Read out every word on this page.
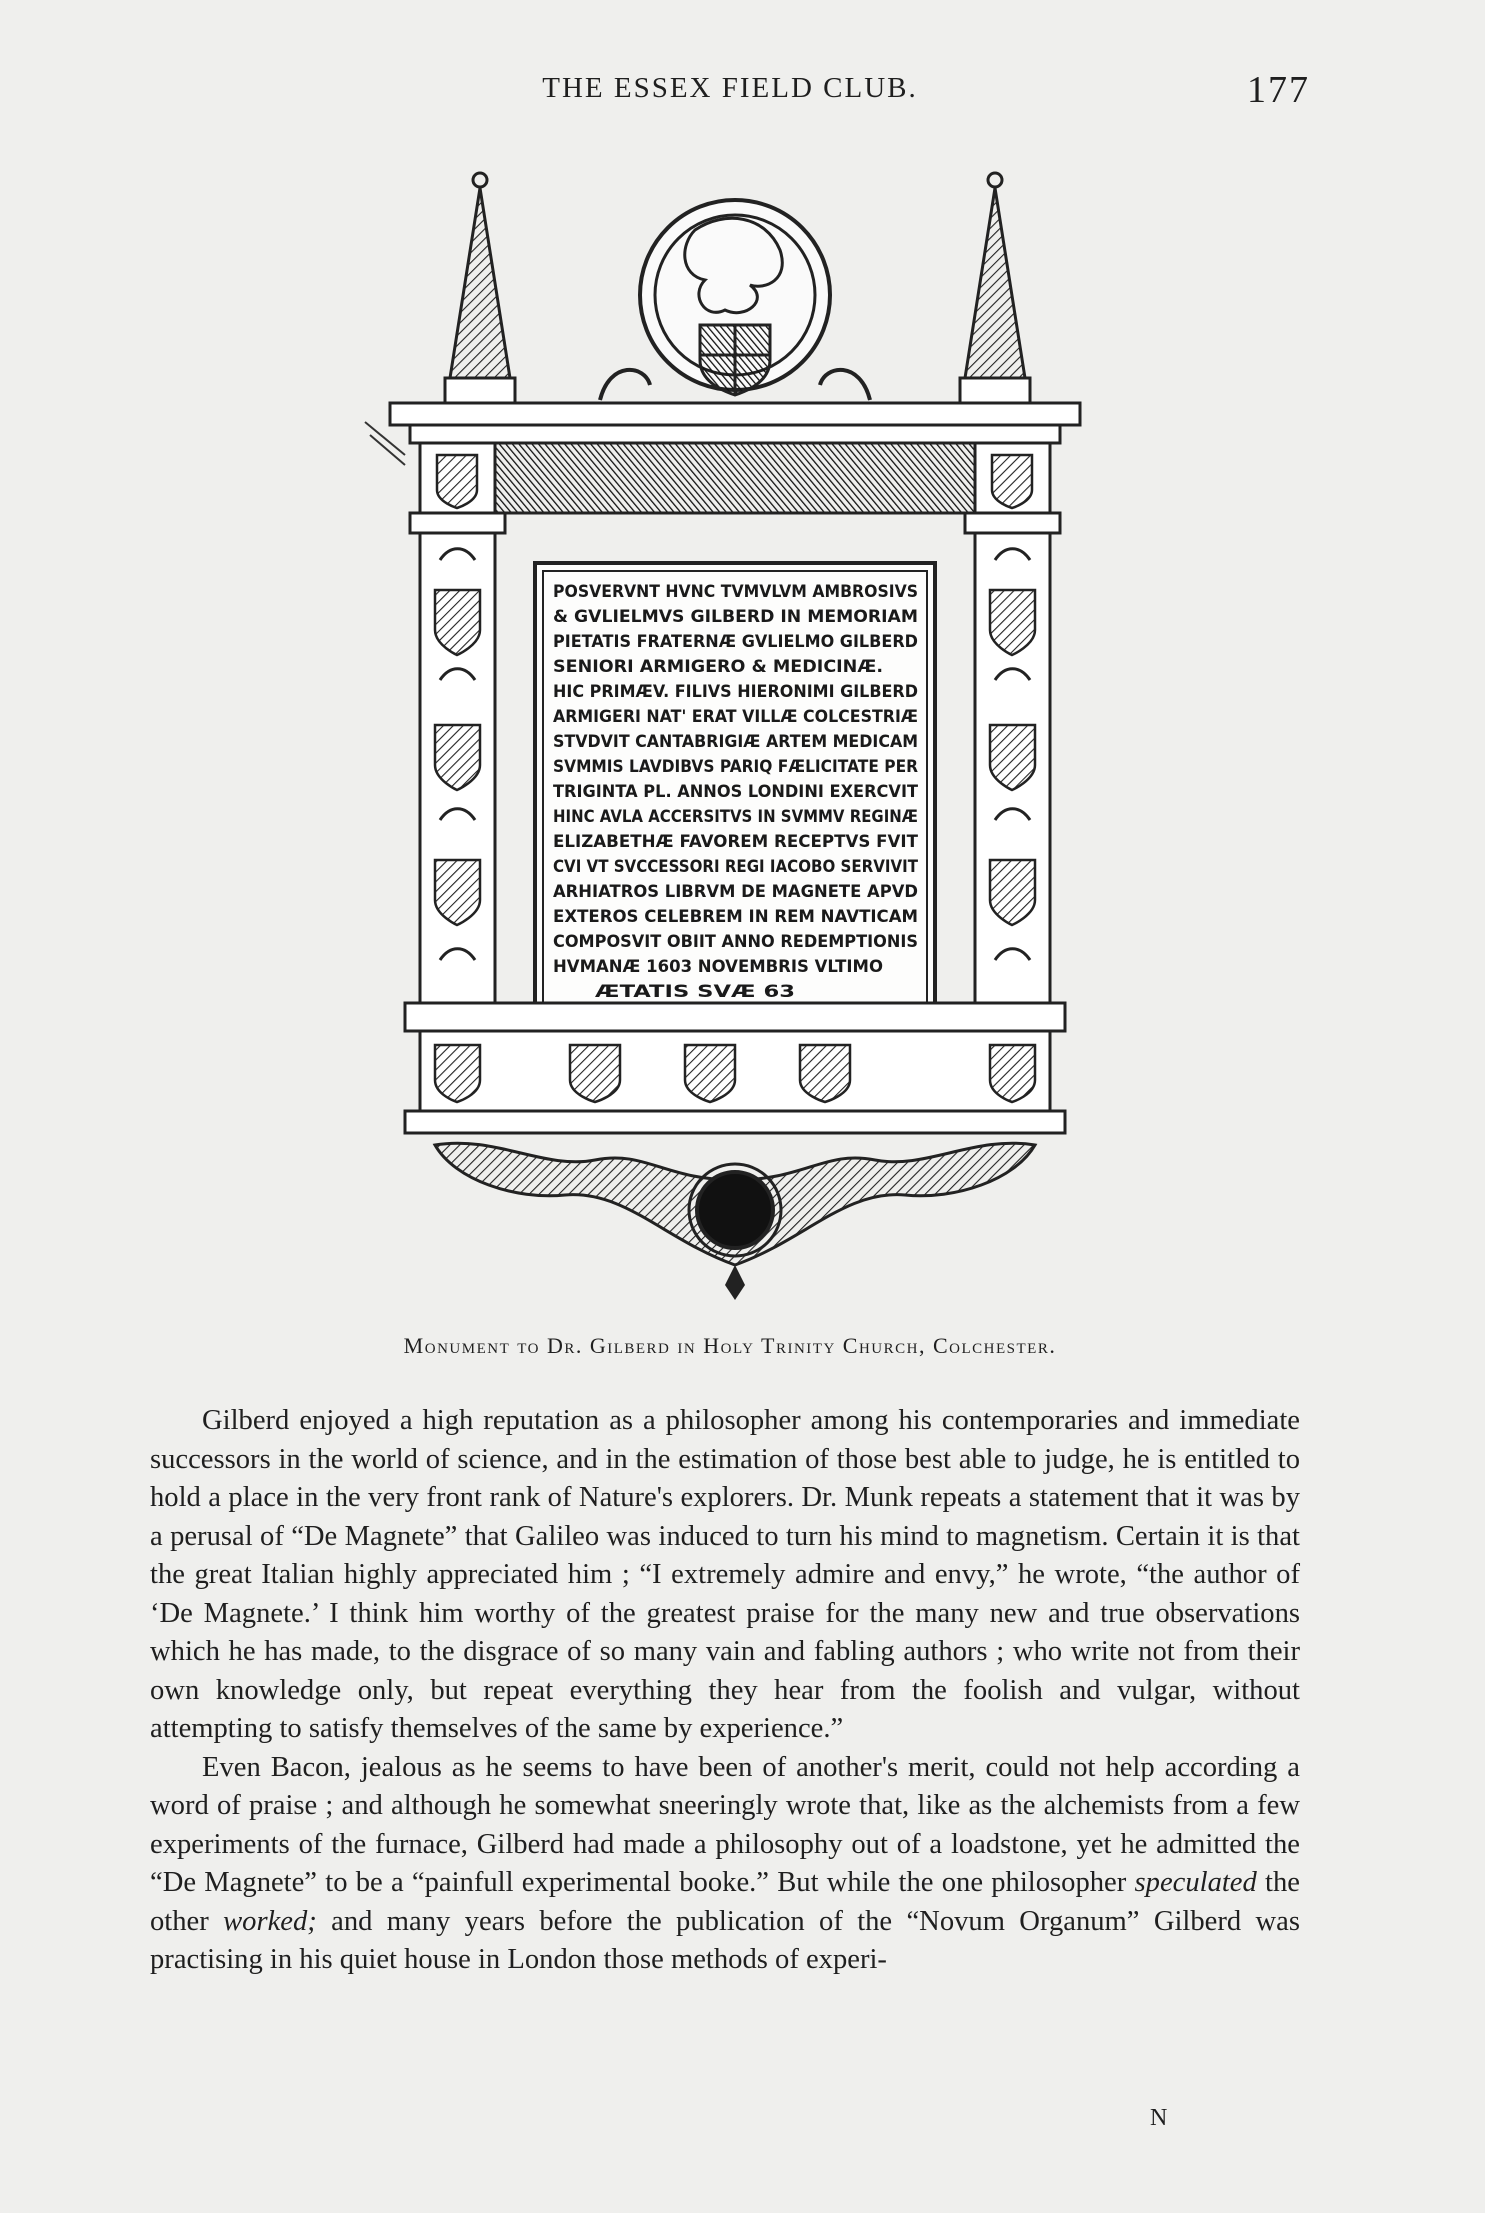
THE ESSEX FIELD CLUB.	177
POSVERVNT HVNC TVMVLVM AMBROSIVS
& GVLIELMVS GILBERD IN MEMORIAM
PIETATIS FRATERNÆ GVLIELMO GILBERD
SENIORI ARMIGERO & MEDICINÆ.
HIC PRIMÆV. FILIVS HIERONIMI GILBERD
ARMIGERI NAT' ERAT VILLÆ COLCESTRIÆ
STVDVIT CANTABRIGIÆ ARTEM MEDICAM
SVMMIS LAVDIBVS PARIQ FÆLICITATE PER
TRIGINTA PL. ANNOS LONDINI EXERCVIT
HINC AVLA ACCERSITVS IN SVMMV REGINÆ
ELIZABETHÆ FAVOREM RECEPTVS FVIT
CVI VT SVCCESSORI REGI IACOBO SERVIVIT
ARHIATROS LIBRVM DE MAGNETE APVD
EXTEROS CELEBREM IN REM NAVTICAM
COMPOSVIT OBIIT ANNO REDEMPTIONIS
HVMANÆ 1603 NOVEMBRIS VLTIMO
ÆTATIS SVÆ 63
Monument to Dr. Gilberd in Holy Trinity Church, Colchester.

Gilberd enjoyed a high reputation as a philosopher among his contemporaries and immediate successors in the world of science, and in the estimation of those best able to judge, he is entitled to hold a place in the very front rank of Nature's explorers. Dr. Munk repeats a statement that it was by a perusal of “De Magnete” that Galileo was induced to turn his mind to magnetism. Certain it is that the great Italian highly appreciated him ; “I extremely admire and envy,” he wrote, “the author of ‘De Magnete.’ I think him worthy of the greatest praise for the many new and true observations which he has made, to the disgrace of so many vain and fabling authors ; who write not from their own knowledge only, but repeat everything they hear from the foolish and vulgar, without attempting to satisfy themselves of the same by experience.”

Even Bacon, jealous as he seems to have been of another's merit, could not help according a word of praise ; and although he somewhat sneeringly wrote that, like as the alchemists from a few experiments of the furnace, Gilberd had made a philosophy out of a loadstone, yet he admitted the “De Magnete” to be a “painfull experimental booke.” But while the one philosopher speculated the other worked; and many years before the publication of the “Novum Organum” Gilberd was practising in his quiet house in London those methods of experi-

N
